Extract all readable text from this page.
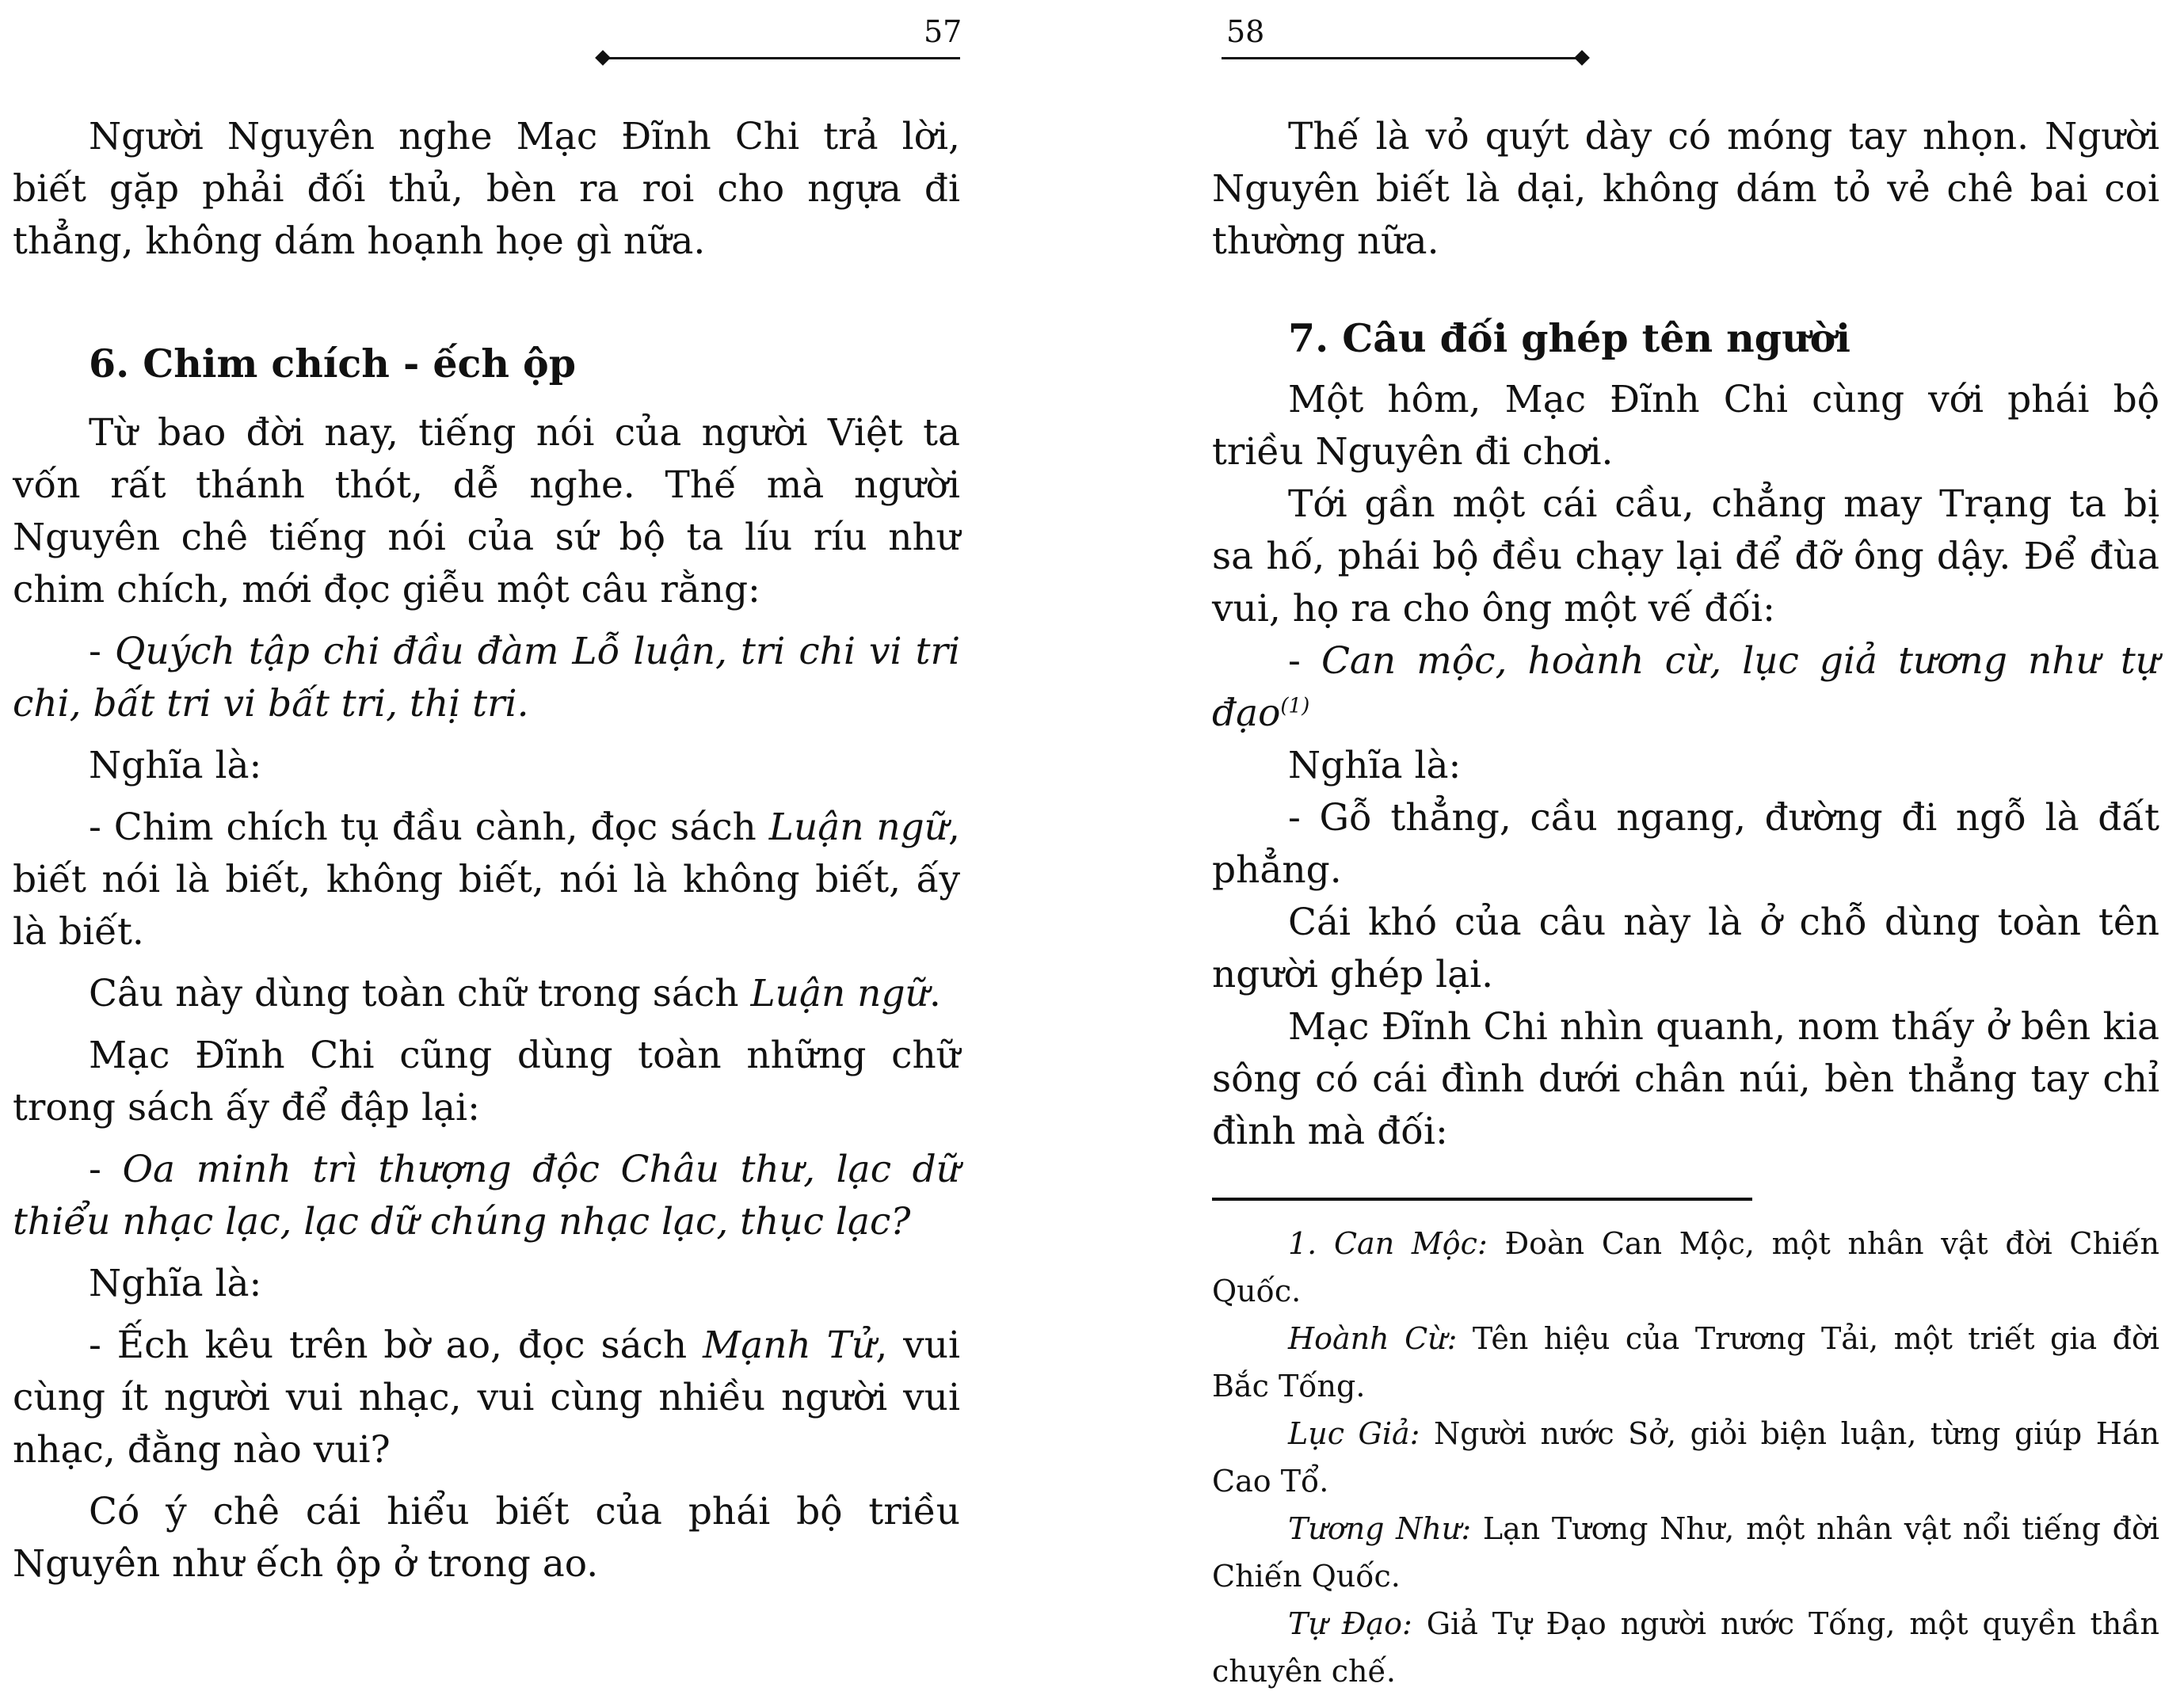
57

Người Nguyên nghe Mạc Đĩnh Chi trả lời, biết gặp phải đối thủ, bèn ra roi cho ngựa đi thẳng, không dám hoạnh họe gì nữa.

6. Chim chích - ếch ộp

Từ bao đời nay, tiếng nói của người Việt ta vốn rất thánh thót, dễ nghe. Thế mà người Nguyên chê tiếng nói của sứ bộ ta líu ríu như chim chích, mới đọc giễu một câu rằng:

- Quých tập chi đầu đàm Lỗ luận, tri chi vi tri chi, bất tri vi bất tri, thị tri.

Nghĩa là:

- Chim chích tụ đầu cành, đọc sách Luận ngữ, biết nói là biết, không biết, nói là không biết, ấy là biết.

Câu này dùng toàn chữ trong sách Luận ngữ.

Mạc Đĩnh Chi cũng dùng toàn những chữ trong sách ấy để đập lại:

- Oa minh trì thượng độc Châu thư, lạc dữ thiểu nhạc lạc, lạc dữ chúng nhạc lạc, thục lạc?

Nghĩa là:

- Ếch kêu trên bờ ao, đọc sách Mạnh Tử, vui cùng ít người vui nhạc, vui cùng nhiều người vui nhạc, đằng nào vui?

Có ý chê cái hiểu biết của phái bộ triều Nguyên như ếch ộp ở trong ao.

58

Thế là vỏ quýt dày có móng tay nhọn. Người Nguyên biết là dại, không dám tỏ vẻ chê bai coi thường nữa.

7. Câu đối ghép tên người

Một hôm, Mạc Đĩnh Chi cùng với phái bộ triều Nguyên đi chơi.

Tới gần một cái cầu, chẳng may Trạng ta bị sa hố, phái bộ đều chạy lại để đỡ ông dậy. Để đùa vui, họ ra cho ông một vế đối:

- Can mộc, hoành cừ, lục giả tương như tự đạo$^{(1)}$

Nghĩa là:

- Gỗ thẳng, cầu ngang, đường đi ngỗ là đất phẳng.

Cái khó của câu này là ở chỗ dùng toàn tên người ghép lại.

Mạc Đĩnh Chi nhìn quanh, nom thấy ở bên kia sông có cái đình dưới chân núi, bèn thẳng tay chỉ đình mà đối:

1. Can Mộc: Đoàn Can Mộc, một nhân vật đời Chiến Quốc.

Hoành Cừ: Tên hiệu của Trương Tải, một triết gia đời Bắc Tống.

Lục Giả: Người nước Sở, giỏi biện luận, từng giúp Hán Cao Tổ.

Tương Như: Lạn Tương Như, một nhân vật nổi tiếng đời Chiến Quốc.

Tự Đạo: Giả Tự Đạo người nước Tống, một quyền thần chuyên chế.
